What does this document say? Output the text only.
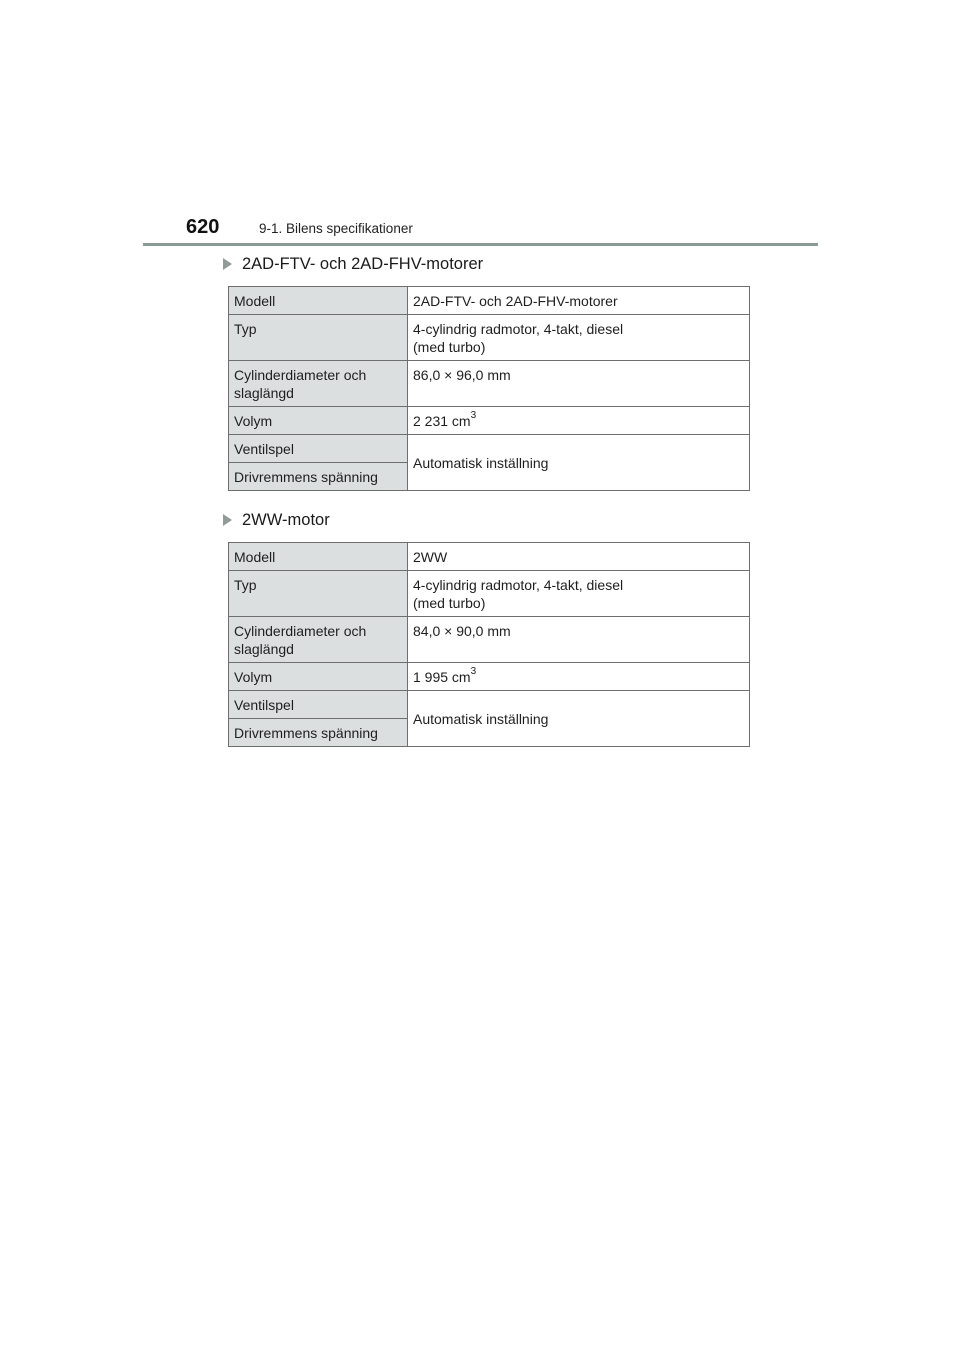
620	9-1. Bilens specifikationer
2AD-FTV- och 2AD-FHV-motorer
Modell	2AD-FTV- och 2AD-FHV-motorer
Typ	4-cylindrig radmotor, 4-takt, diesel
(med turbo)
Cylinderdiameter och
slaglängd	86,0 × 96,0 mm
Volym	2 231 $cm^3$
Ventilspel	Automatisk inställning
Drivremmens spänning	
2WW-motor
Modell	2WW
Typ	4-cylindrig radmotor, 4-takt, diesel
(med turbo)
Cylinderdiameter och
slaglängd	84,0 × 90,0 mm
Volym	1 995 $cm^3$
Ventilspel	Automatisk inställning
Drivremmens spänning	
